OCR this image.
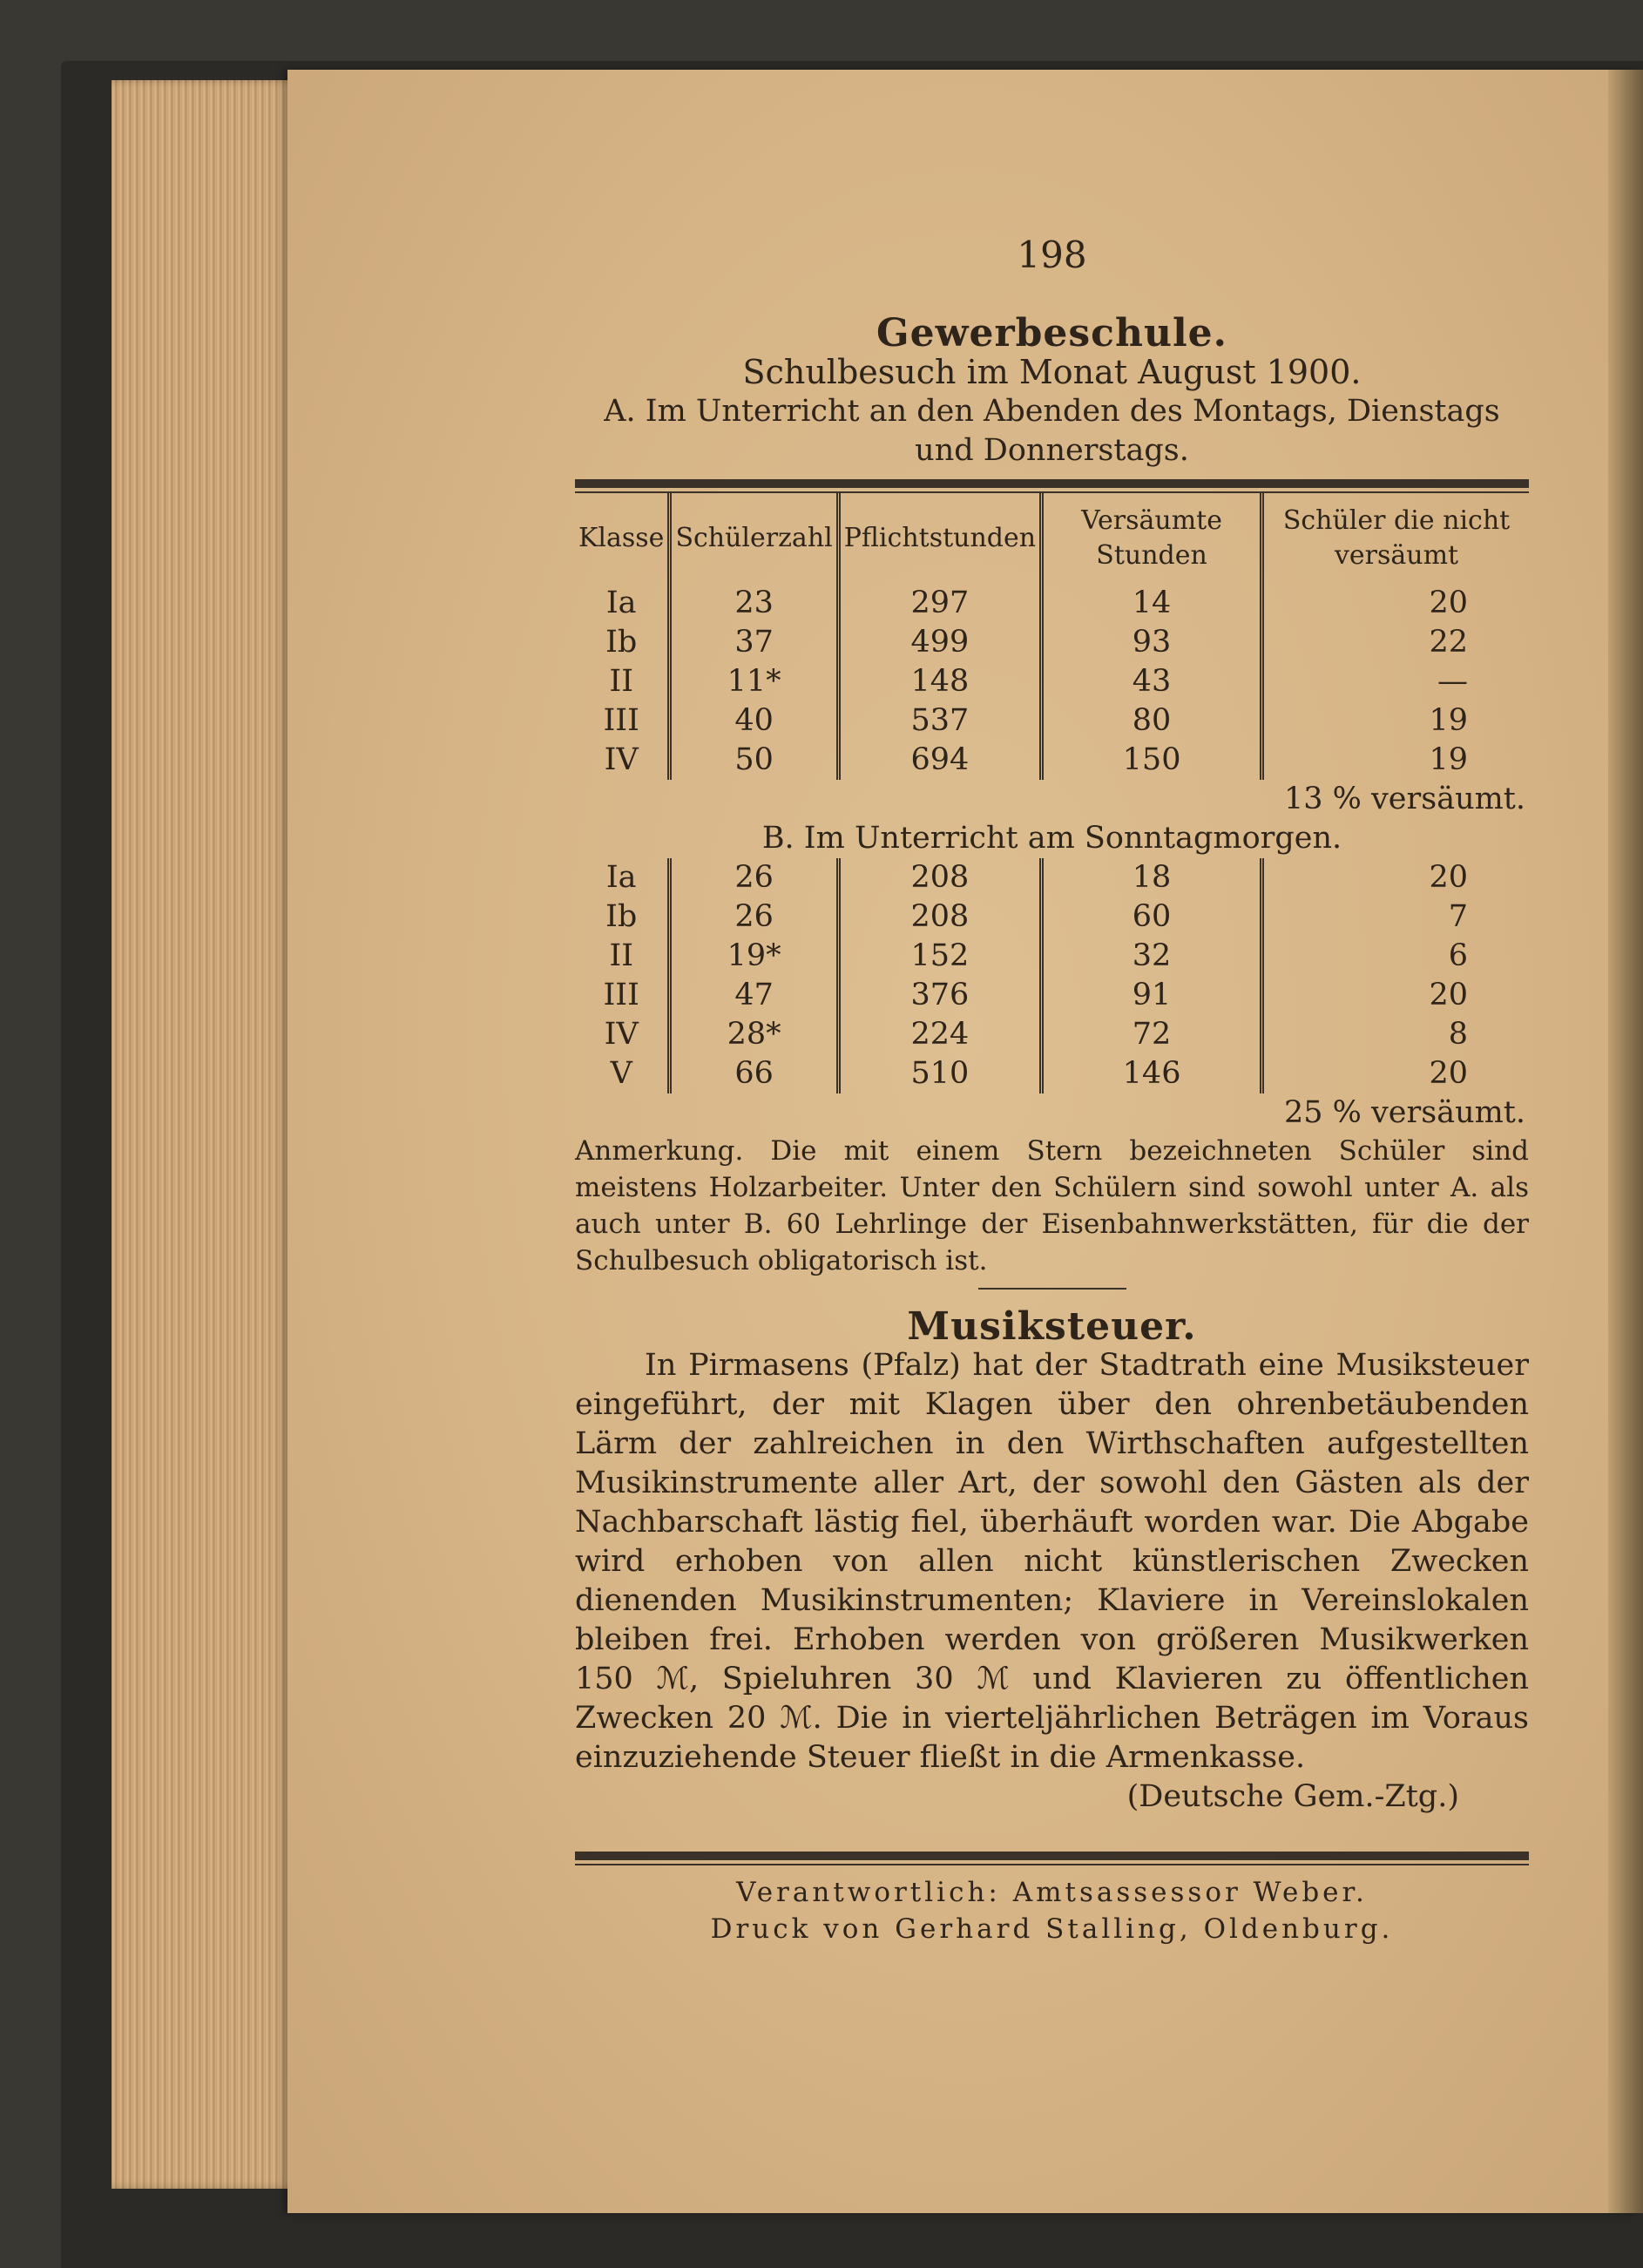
198
Gewerbeschule.
Schulbesuch im Monat August 1900.
A. Im Unterricht an den Abenden des Montags, Dienstags und Donnerstags.
Klasse	Schülerzahl	Pflichtstunden	Versäumte Stunden	Schüler die nicht versäumt
Ia	23	297	14	20
Ib	37	499	93	22
II	11*	148	43	—
III	40	537	80	19
IV	50	694	150	19
13 % versäumt.				
B. Im Unterricht am Sonntagmorgen.				
Ia	26	208	18	20
Ib	26	208	60	7
II	19*	152	32	6
III	47	376	91	20
IV	28*	224	72	8
V	66	510	146	20
25 % versäumt.				
Anmerkung. Die mit einem Stern bezeichneten Schüler sind meistens Holzarbeiter. Unter den Schülern sind sowohl unter A. als auch unter B. 60 Lehrlinge der Eisenbahnwerkstätten, für die der Schulbesuch obligatorisch ist.
Musiksteuer.
In Pirmasens (Pfalz) hat der Stadtrath eine Musiksteuer eingeführt, der mit Klagen über den ohrenbetäubenden Lärm der zahlreichen in den Wirthschaften aufgestellten Musikinstrumente aller Art, der sowohl den Gästen als der Nachbarschaft lästig fiel, überhäuft worden war. Die Abgabe wird erhoben von allen nicht künstlerischen Zwecken dienenden Musikinstrumenten; Klaviere in Vereinslokalen bleiben frei. Erhoben werden von größeren Musikwerken 150 ℳ, Spieluhren 30 ℳ und Klavieren zu öffentlichen Zwecken 20 ℳ. Die in vierteljährlichen Beträgen im Voraus einzuziehende Steuer fließt in die Armenkasse.
(Deutsche Gem.-Ztg.)
Verantwortlich: Amtsassessor Weber.
Druck von Gerhard Stalling, Oldenburg.
